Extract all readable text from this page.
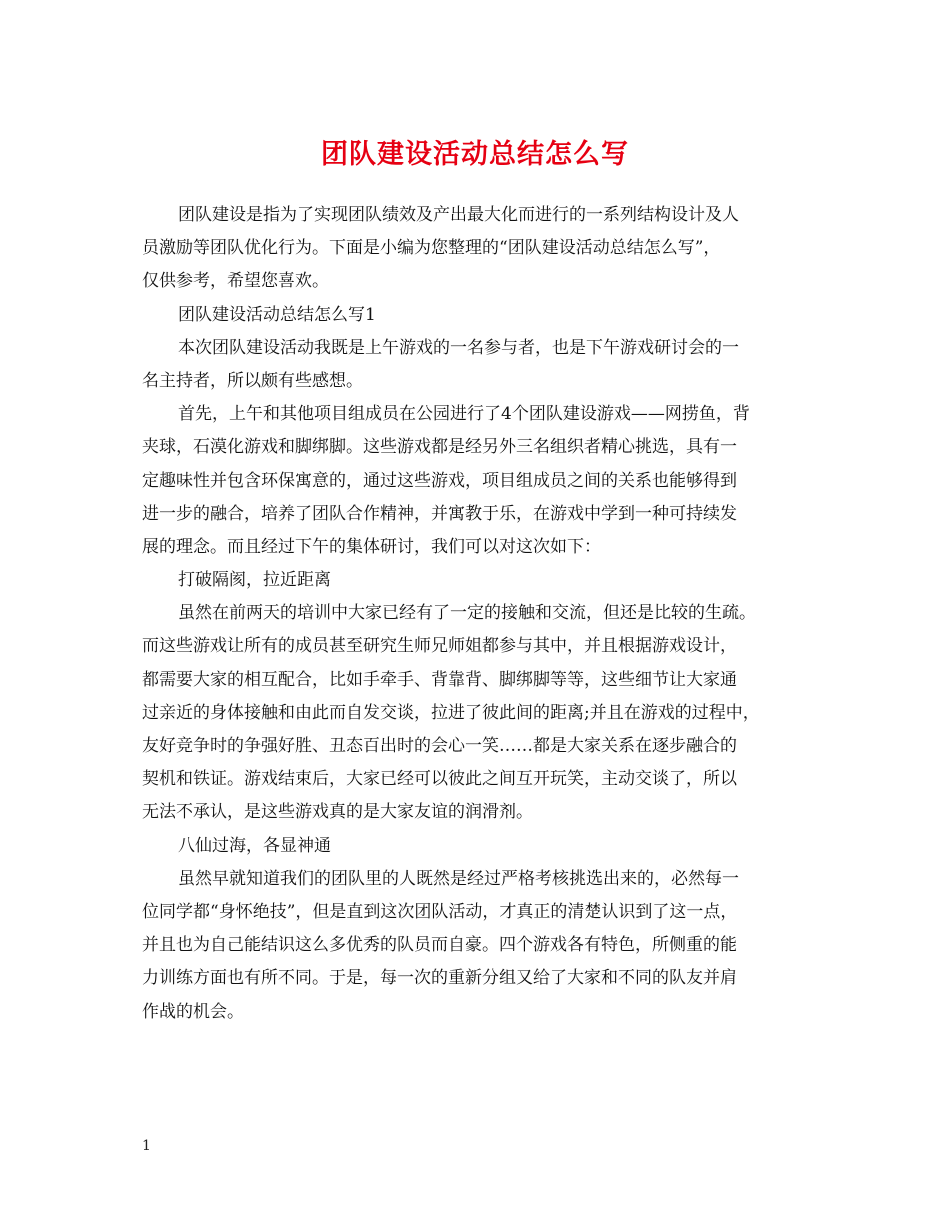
团队建设活动总结怎么写
团队建设是指为了实现团队绩效及产出最大化而进行的一系列结构设计及人
员激励等团队优化行为。下面是小编为您整理的“团队建设活动总结怎么写”，
仅供参考，希望您喜欢。
团队建设活动总结怎么写1
本次团队建设活动我既是上午游戏的一名参与者，也是下午游戏研讨会的一
名主持者，所以颇有些感想。
首先，上午和其他项目组成员在公园进行了4个团队建设游戏——网捞鱼，背
夹球，石漠化游戏和脚绑脚。这些游戏都是经另外三名组织者精心挑选，具有一
定趣味性并包含环保寓意的，通过这些游戏，项目组成员之间的关系也能够得到
进一步的融合，培养了团队合作精神，并寓教于乐，在游戏中学到一种可持续发
展的理念。而且经过下午的集体研讨，我们可以对这次如下：
打破隔阂，拉近距离
虽然在前两天的培训中大家已经有了一定的接触和交流，但还是比较的生疏。
而这些游戏让所有的成员甚至研究生师兄师姐都参与其中，并且根据游戏设计，
都需要大家的相互配合，比如手牵手、背靠背、脚绑脚等等，这些细节让大家通
过亲近的身体接触和由此而自发交谈，拉进了彼此间的距离;并且在游戏的过程中，
友好竞争时的争强好胜、丑态百出时的会心一笑……都是大家关系在逐步融合的
契机和铁证。游戏结束后，大家已经可以彼此之间互开玩笑，主动交谈了，所以
无法不承认，是这些游戏真的是大家友谊的润滑剂。
八仙过海，各显神通
虽然早就知道我们的团队里的人既然是经过严格考核挑选出来的，必然每一
位同学都“身怀绝技”，但是直到这次团队活动，才真正的清楚认识到了这一点，
并且也为自己能结识这么多优秀的队员而自豪。四个游戏各有特色，所侧重的能
力训练方面也有所不同。于是，每一次的重新分组又给了大家和不同的队友并肩
作战的机会。
1
